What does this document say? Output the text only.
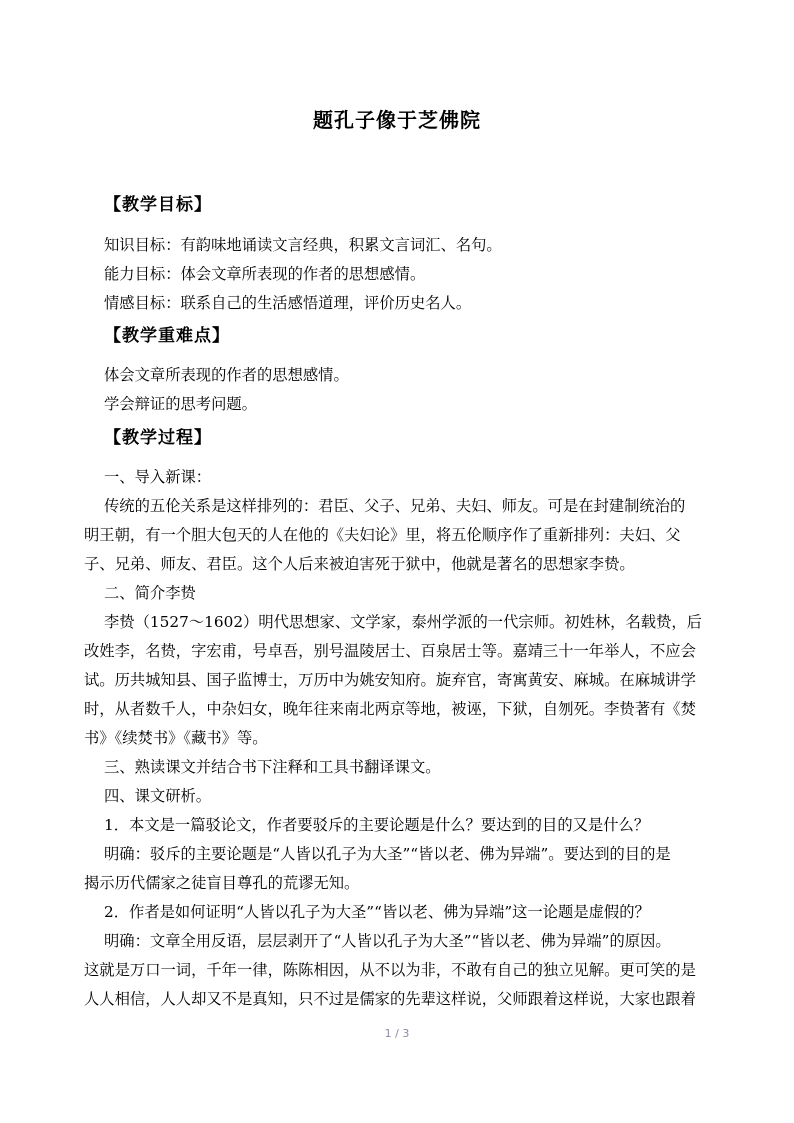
题孔子像于芝佛院
【教学目标】
知识目标：有韵味地诵读文言经典，积累文言词汇、名句。
能力目标：体会文章所表现的作者的思想感情。
情感目标：联系自己的生活感悟道理，评价历史名人。
【教学重难点】
体会文章所表现的作者的思想感情。
学会辩证的思考问题。
【教学过程】
一、导入新课：
传统的五伦关系是这样排列的：君臣、父子、兄弟、夫妇、师友。可是在封建制统治的
明王朝，有一个胆大包天的人在他的《夫妇论》里，将五伦顺序作了重新排列：夫妇、父
子、兄弟、师友、君臣。这个人后来被迫害死于狱中，他就是著名的思想家李贽。
二、简介李贽
李贽（1527～1602）明代思想家、文学家，泰州学派的一代宗师。初姓林，名载贽，后
改姓李，名贽，字宏甫，号卓吾，别号温陵居士、百泉居士等。嘉靖三十一年举人，不应会
试。历共城知县、国子监博士，万历中为姚安知府。旋弃官，寄寓黄安、麻城。在麻城讲学
时，从者数千人，中杂妇女，晚年往来南北两京等地，被诬，下狱，自刎死。李贽著有《焚
书》《续焚书》《藏书》等。
三、熟读课文并结合书下注释和工具书翻译课文。
四、课文研析。
1．本文是一篇驳论文，作者要驳斥的主要论题是什么？要达到的目的又是什么？
明确：驳斥的主要论题是“人皆以孔子为大圣”“皆以老、佛为异端”。要达到的目的是
揭示历代儒家之徒盲目尊孔的荒谬无知。
2．作者是如何证明“人皆以孔子为大圣”“皆以老、佛为异端”这一论题是虚假的？
明确：文章全用反语，层层剥开了“人皆以孔子为大圣”“皆以老、佛为异端”的原因。
这就是万口一词，千年一律，陈陈相因，从不以为非，不敢有自己的独立见解。更可笑的是
人人相信，人人却又不是真知，只不过是儒家的先辈这样说，父师跟着这样说，大家也跟着
1 / 3
